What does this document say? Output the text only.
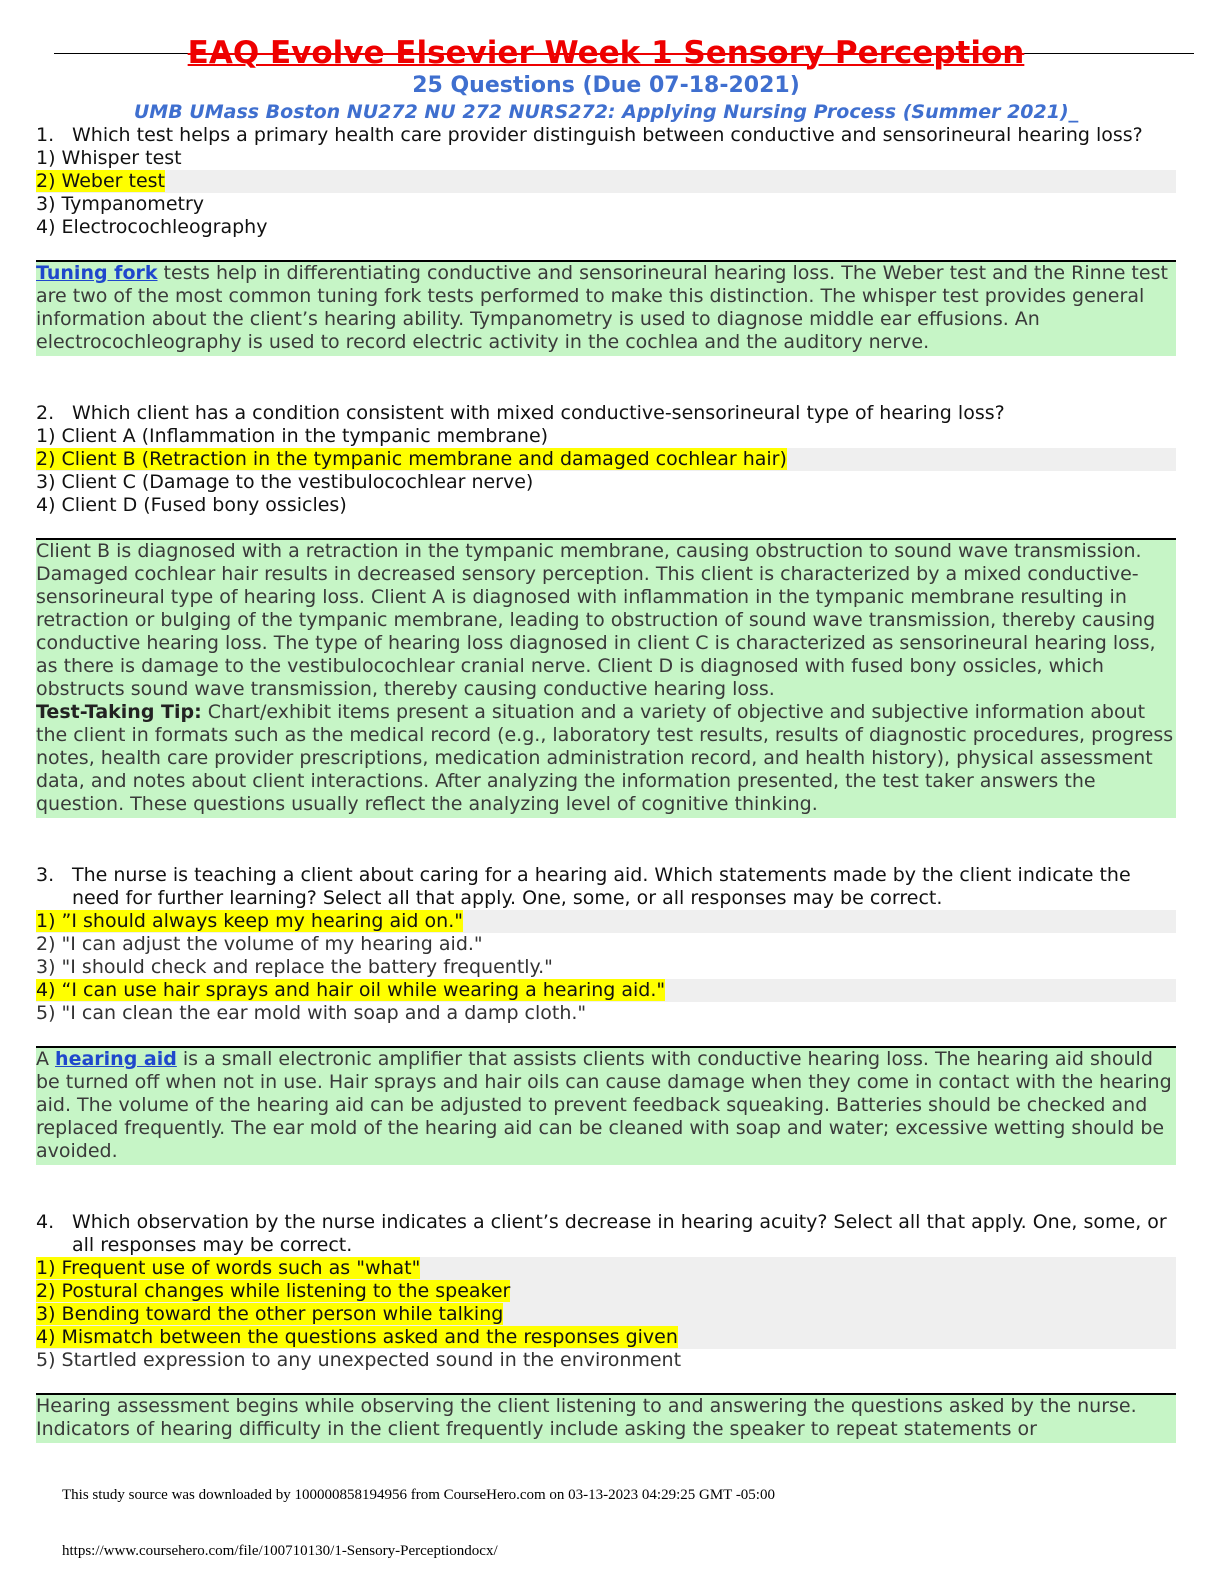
EAQ Evolve Elsevier Week 1 Sensory Perception
25 Questions (Due 07-18-2021)
UMB UMass Boston NU272 NU 272 NURS272: Applying Nursing Process (Summer 2021)_
1. Which test helps a primary health care provider distinguish between conductive and sensorineural hearing loss?
1) Whisper test
2) Weber test
3) Tympanometry
4) Electrocochleography

Tuning fork tests help in differentiating conductive and sensorineural hearing loss. The Weber test and the Rinne test are two of the most common tuning fork tests performed to make this distinction. The whisper test provides general information about the client’s hearing ability. Tympanometry is used to diagnose middle ear effusions. An electrocochleography is used to record electric activity in the cochlea and the auditory nerve.

2. Which client has a condition consistent with mixed conductive-sensorineural type of hearing loss?
1) Client A (Inflammation in the tympanic membrane)
2) Client B (Retraction in the tympanic membrane and damaged cochlear hair)
3) Client C (Damage to the vestibulocochlear nerve)
4) Client D (Fused bony ossicles)

Client B is diagnosed with a retraction in the tympanic membrane, causing obstruction to sound wave transmission. Damaged cochlear hair results in decreased sensory perception. This client is characterized by a mixed conductive-sensorineural type of hearing loss. Client A is diagnosed with inflammation in the tympanic membrane resulting in retraction or bulging of the tympanic membrane, leading to obstruction of sound wave transmission, thereby causing conductive hearing loss. The type of hearing loss diagnosed in client C is characterized as sensorineural hearing loss, as there is damage to the vestibulocochlear cranial nerve. Client D is diagnosed with fused bony ossicles, which obstructs sound wave transmission, thereby causing conductive hearing loss.

Test-Taking Tip: Chart/exhibit items present a situation and a variety of objective and subjective information about the client in formats such as the medical record (e.g., laboratory test results, results of diagnostic procedures, progress notes, health care provider prescriptions, medication administration record, and health history), physical assessment data, and notes about client interactions. After analyzing the information presented, the test taker answers the question. These questions usually reflect the analyzing level of cognitive thinking.

3. The nurse is teaching a client about caring for a hearing aid. Which statements made by the client indicate the need for further learning? Select all that apply. One, some, or all responses may be correct.
1) ”I should always keep my hearing aid on."
2) "I can adjust the volume of my hearing aid."
3) "I should check and replace the battery frequently."
4) “I can use hair sprays and hair oil while wearing a hearing aid."
5) "I can clean the ear mold with soap and a damp cloth."

A hearing aid is a small electronic amplifier that assists clients with conductive hearing loss. The hearing aid should be turned off when not in use. Hair sprays and hair oils can cause damage when they come in contact with the hearing aid. The volume of the hearing aid can be adjusted to prevent feedback squeaking. Batteries should be checked and replaced frequently. The ear mold of the hearing aid can be cleaned with soap and water; excessive wetting should be avoided.

4. Which observation by the nurse indicates a client’s decrease in hearing acuity? Select all that apply. One, some, or all responses may be correct.
1) Frequent use of words such as "what"
2) Postural changes while listening to the speaker
3) Bending toward the other person while talking
4) Mismatch between the questions asked and the responses given
5) Startled expression to any unexpected sound in the environment

Hearing assessment begins while observing the client listening to and answering the questions asked by the nurse. Indicators of hearing difficulty in the client frequently include asking the speaker to repeat statements or

This study source was downloaded by 100000858194956 from CourseHero.com on 03-13-2023 04:29:25 GMT -05:00
https://www.coursehero.com/file/100710130/1-Sensory-Perceptiondocx/
